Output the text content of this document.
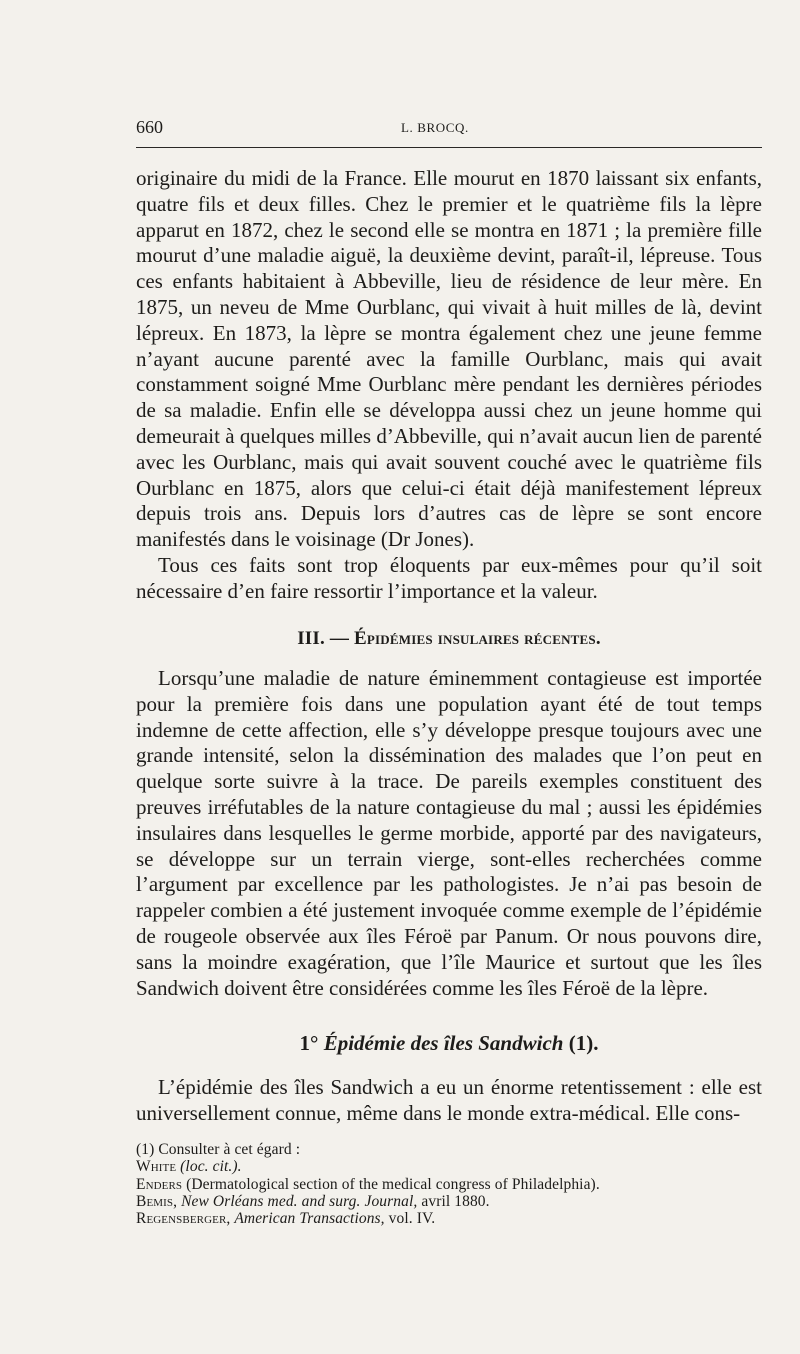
660	L. BROCQ.

originaire du midi de la France. Elle mourut en 1870 laissant six enfants, quatre fils et deux filles. Chez le premier et le quatrième fils la lèpre apparut en 1872, chez le second elle se montra en 1871 ; la première fille mourut d’une maladie aiguë, la deuxième devint, paraît-il, lépreuse. Tous ces enfants habitaient à Abbeville, lieu de résidence de leur mère. En 1875, un neveu de Mme Ourblanc, qui vivait à huit milles de là, devint lépreux. En 1873, la lèpre se montra également chez une jeune femme n’ayant aucune parenté avec la famille Ourblanc, mais qui avait constamment soigné Mme Ourblanc mère pendant les dernières périodes de sa maladie. Enfin elle se développa aussi chez un jeune homme qui demeurait à quelques milles d’Abbeville, qui n’avait aucun lien de parenté avec les Ourblanc, mais qui avait souvent couché avec le quatrième fils Ourblanc en 1875, alors que celui-ci était déjà manifestement lépreux depuis trois ans. Depuis lors d’autres cas de lèpre se sont encore manifestés dans le voisinage (Dr Jones).

Tous ces faits sont trop éloquents par eux-mêmes pour qu’il soit nécessaire d’en faire ressortir l’importance et la valeur.

III. — Épidémies insulaires récentes.

Lorsqu’une maladie de nature éminemment contagieuse est importée pour la première fois dans une population ayant été de tout temps indemne de cette affection, elle s’y développe presque toujours avec une grande intensité, selon la dissémination des malades que l’on peut en quelque sorte suivre à la trace. De pareils exemples constituent des preuves irréfutables de la nature contagieuse du mal ; aussi les épidémies insulaires dans lesquelles le germe morbide, apporté par des navigateurs, se développe sur un terrain vierge, sont-elles recherchées comme l’argument par excellence par les pathologistes. Je n’ai pas besoin de rappeler combien a été justement invoquée comme exemple de l’épidémie de rougeole observée aux îles Féroë par Panum. Or nous pouvons dire, sans la moindre exagération, que l’île Maurice et surtout que les îles Sandwich doivent être considérées comme les îles Féroë de la lèpre.

1° Épidémie des îles Sandwich (1).

L’épidémie des îles Sandwich a eu un énorme retentissement : elle est universellement connue, même dans le monde extra-médical. Elle cons-

(1) Consulter à cet égard :

White (loc. cit.).

Enders (Dermatological section of the medical congress of Philadelphia).

Bemis, New Orléans med. and surg. Journal, avril 1880.

Regensberger, American Transactions, vol. IV.
